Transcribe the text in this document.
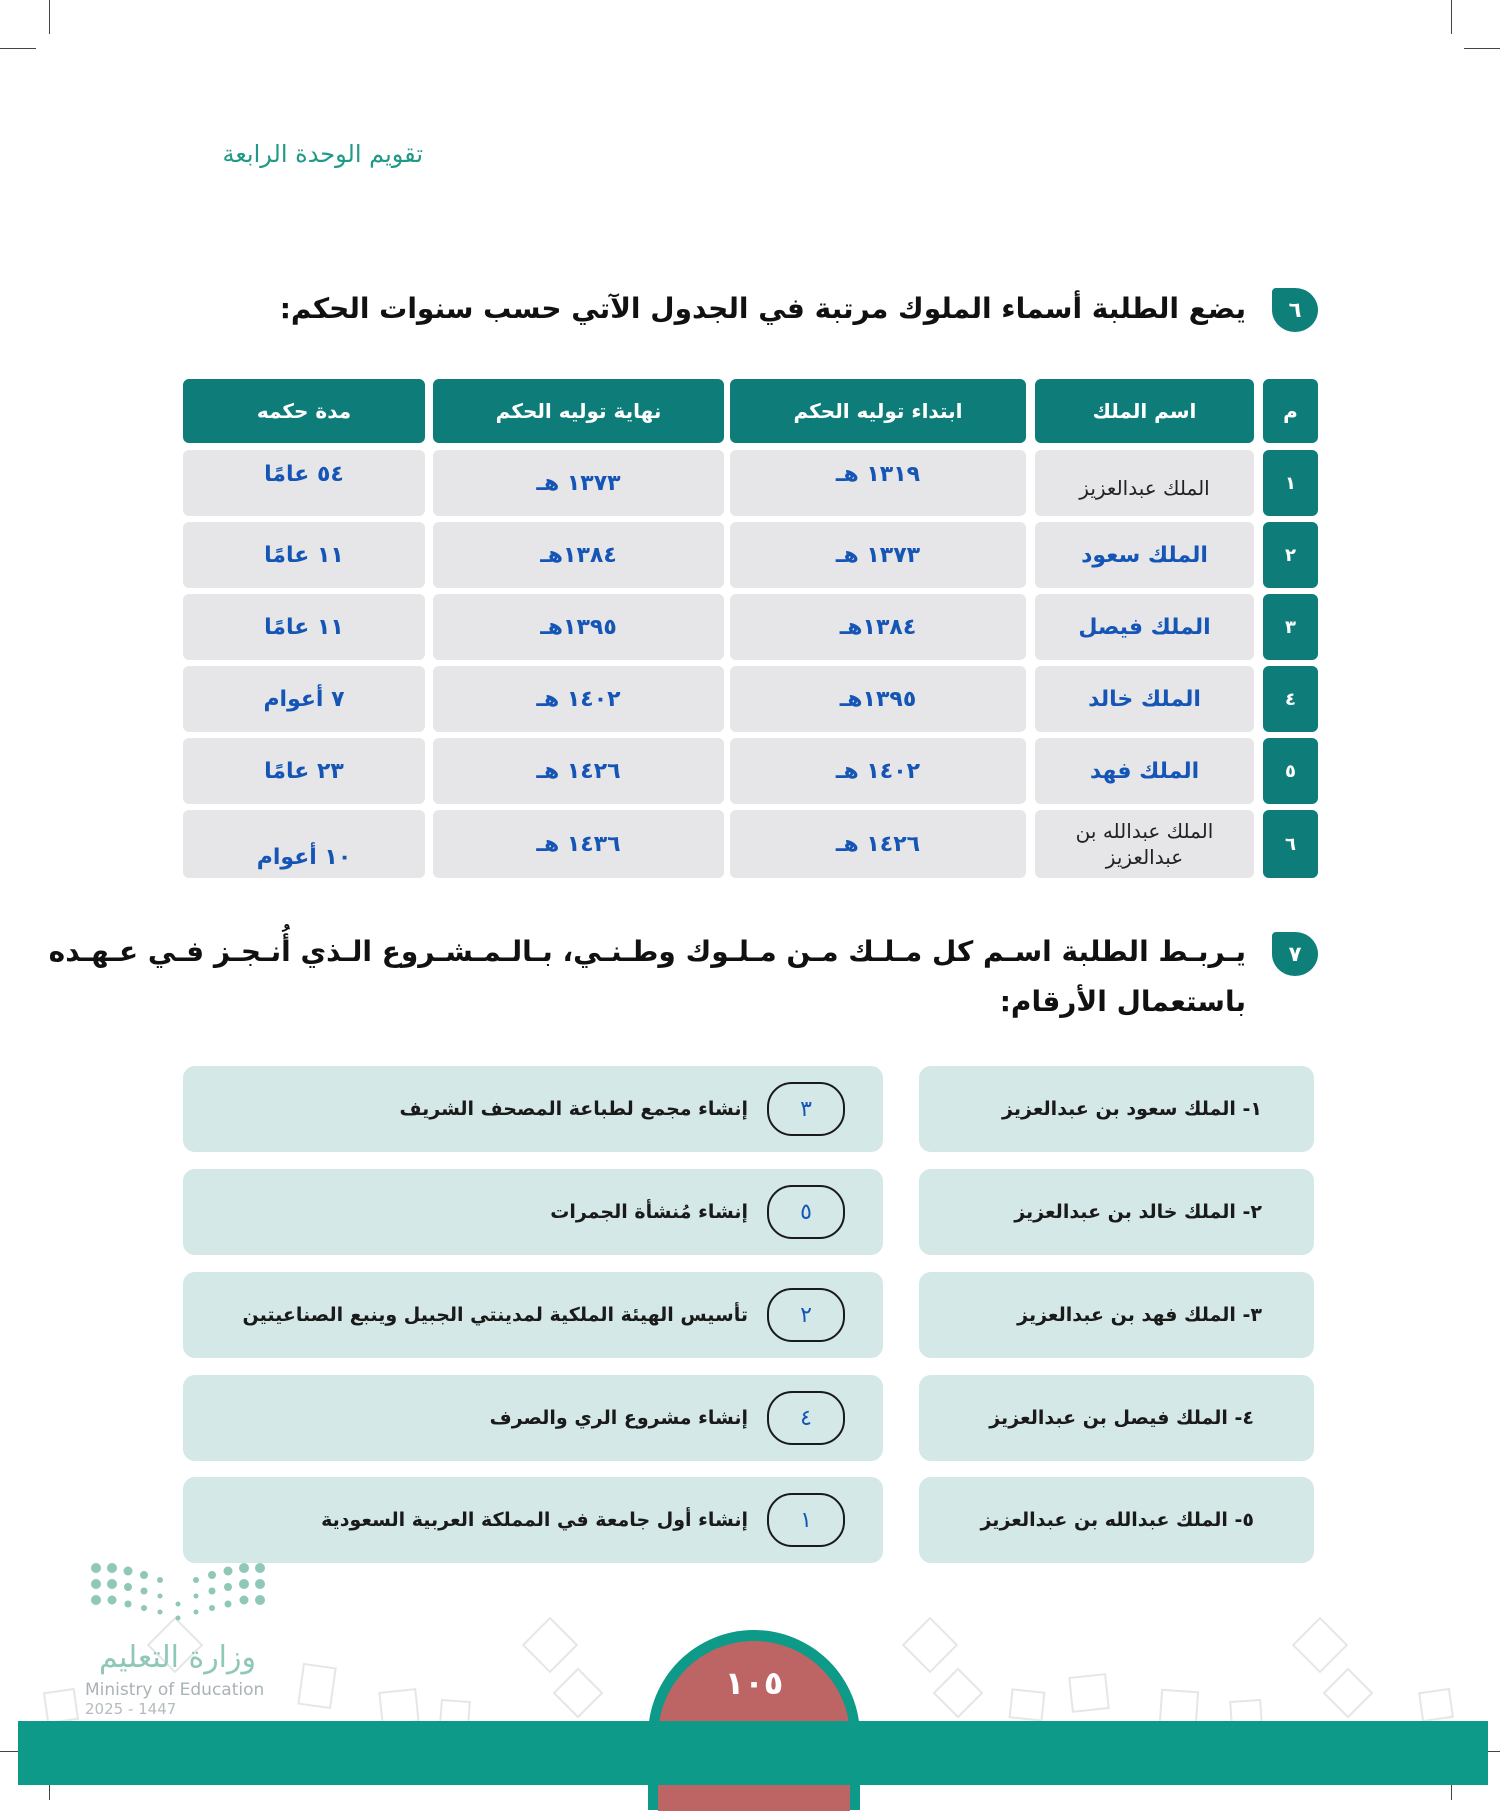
تقويم الوحدة الرابعة
٦
يضع الطلبة أسماء الملوك مرتبة في الجدول الآتي حسب سنوات الحكم:
م
اسم الملك
ابتداء توليه الحكم
نهاية توليه الحكم
مدة حكمه
١
الملك عبدالعزيز
١٣١٩ هـ
١٣٧٣ هـ
٥٤ عامًا
٢
الملك سعود
١٣٧٣ هـ
١٣٨٤هـ
١١ عامًا
٣
الملك فيصل
١٣٨٤هـ
١٣٩٥هـ
١١ عامًا
٤
الملك خالد
١٣٩٥هـ
١٤٠٢ هـ
٧ أعوام
٥
الملك فهد
١٤٠٢ هـ
١٤٢٦ هـ
٢٣ عامًا
٦
الملك عبدالله بن
عبدالعزيز
١٤٢٦ هـ
١٤٣٦ هـ
١٠ أعوام
٧
يـربـط الطلبة اسـم كل مـلـك مـن مـلـوك وطـنـي، بـالـمـشـروع الـذي أُنـجـز فـي عـهـده
باستعمال الأرقام:
١- الملك سعود بن عبدالعزيز
٢- الملك خالد بن عبدالعزيز
٣- الملك فهد بن عبدالعزيز
٤- الملك فيصل بن عبدالعزيز
٥- الملك عبدالله بن عبدالعزيز
٣
إنشاء مجمع لطباعة المصحف الشريف
٥
إنشاء مُنشأة الجمرات
٢
تأسيس الهيئة الملكية لمدينتي الجبيل وينبع الصناعيتين
٤
إنشاء مشروع الري والصرف
١
إنشاء أول جامعة في المملكة العربية السعودية
وزارة التعليم
Ministry of Education
2025 - 1447
١٠٥
